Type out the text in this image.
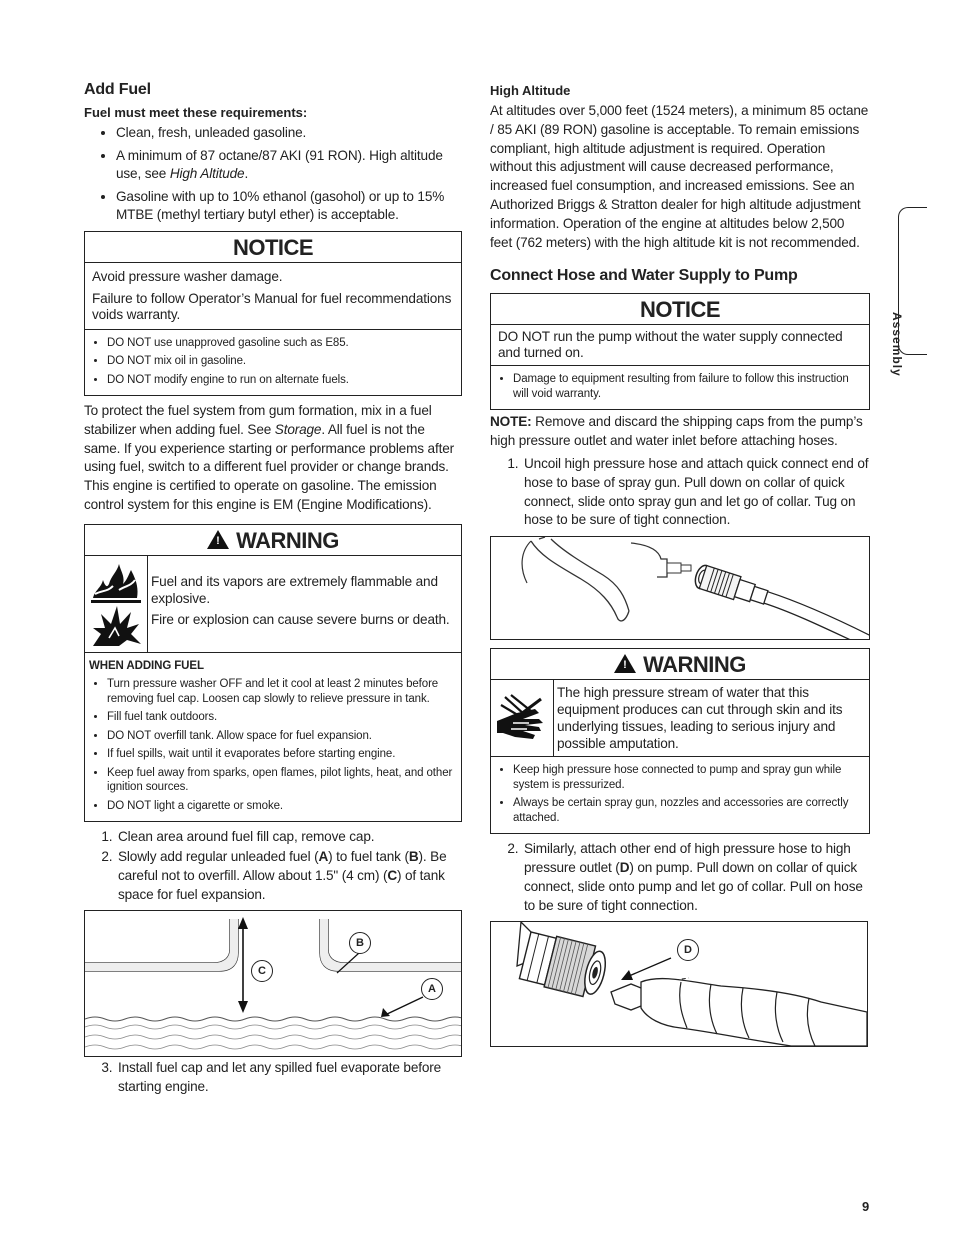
Add Fuel
Fuel must meet these requirements:
• Clean, fresh, unleaded gasoline.
• A minimum of 87 octane/87 AKI (91 RON). High altitude use, see High Altitude.
• Gasoline with up to 10% ethanol (gasohol) or up to 15% MTBE (methyl tertiary butyl ether) is acceptable.
NOTICE

Avoid pressure washer damage.

Failure to follow Operator’s Manual for fuel recommendations voids warranty.

• DO NOT use unapproved gasoline such as E85.
• DO NOT mix oil in gasoline.
• DO NOT modify engine to run on alternate fuels.

To protect the fuel system from gum formation, mix in a fuel stabilizer when adding fuel. See Storage. All fuel is not the same. If you experience starting or performance problems after using fuel, switch to a different fuel provider or change brands. This engine is certified to operate on gasoline. The emission control system for this engine is EM (Engine Modifications).

! WARNING

Fuel and its vapors are extremely flammable and explosive.

Fire or explosion can cause severe burns or death.

WHEN ADDING FUEL
• Turn pressure washer OFF and let it cool at least 2 minutes before removing fuel cap. Loosen cap slowly to relieve pressure in tank.
• Fill fuel tank outdoors.
• DO NOT overfill tank. Allow space for fuel expansion.
• If fuel spills, wait until it evaporates before starting engine.
• Keep fuel away from sparks, open flames, pilot lights, heat, and other ignition sources.
• DO NOT light a cigarette or smoke.
1. Clean area around fuel fill cap, remove cap.
2. Slowly add regular unleaded fuel (A) to fuel tank (B). Be careful not to overfill. Allow about 1.5" (4 cm) (C) of tank space for fuel expansion.
B
C
A
3. Install fuel cap and let any spilled fuel evaporate before starting engine.
High Altitude

At altitudes over 5,000 feet (1524 meters), a minimum 85 octane / 85 AKI (89 RON) gasoline is acceptable. To remain emissions compliant, high altitude adjustment is required. Operation without this adjustment will cause decreased performance, increased fuel consumption, and increased emissions. See an Authorized Briggs & Stratton dealer for high altitude adjustment information. Operation of the engine at altitudes below 2,500 feet (762 meters) with the high altitude kit is not recommended.

Connect Hose and Water Supply to Pump
NOTICE

DO NOT run the pump without the water supply connected and turned on.

• Damage to equipment resulting from failure to follow this instruction will void warranty.

NOTE: Remove and discard the shipping caps from the pump’s high pressure outlet and water inlet before attaching hoses.

1. Uncoil high pressure hose and attach quick connect end of hose to base of spray gun. Pull down on collar of quick connect, slide onto spray gun and let go of collar. Tug on hose to be sure of tight connection.
! WARNING

The high pressure stream of water that this equipment produces can cut through skin and its underlying tissues, leading to serious injury and possible amputation.

• Keep high pressure hose connected to pump and spray gun while system is pressurized.
• Always be certain spray gun, nozzles and accessories are correctly attached.
2. Similarly, attach other end of high pressure hose to high pressure outlet (D) on pump. Pull down on collar of quick connect, slide onto pump and let go of collar. Pull on hose to be sure of tight connection.
D
Assembly
9
